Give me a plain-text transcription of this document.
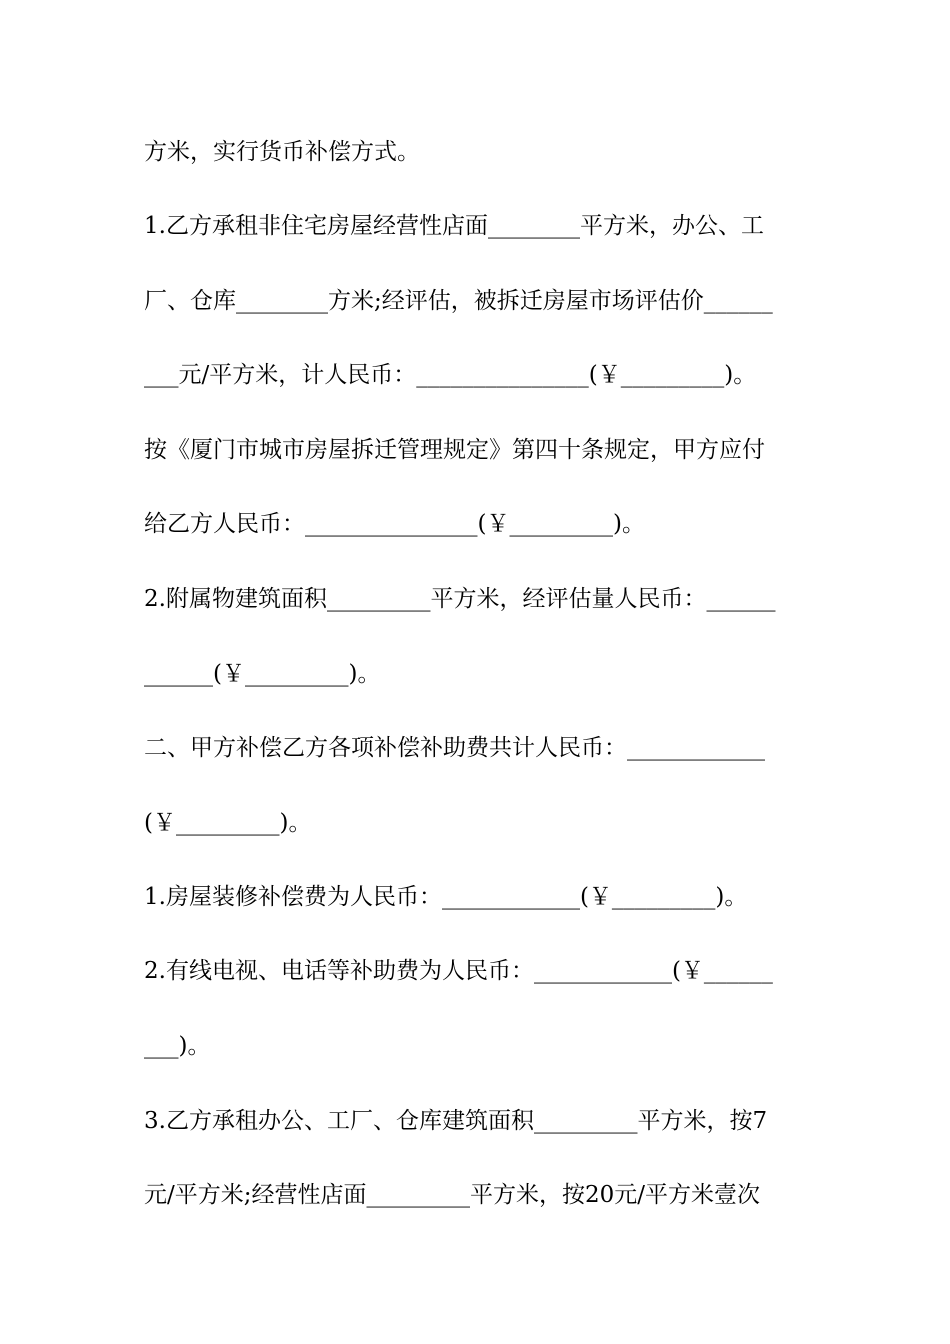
方米，实行货币补偿方式。
1.乙方承租非住宅房屋经营性店面________平方米，办公、工
厂、仓库________方米;经评估，被拆迁房屋市场评估价______
___元/平方米，计人民币：_______________(￥_________)。
按《厦门市城市房屋拆迁管理规定》第四十条规定，甲方应付
给乙方人民币：_______________(￥_________)。
2.附属物建筑面积_________平方米，经评估量人民币：______
______(￥_________)。
二、甲方补偿乙方各项补偿补助费共计人民币：____________
(￥_________)。
1.房屋装修补偿费为人民币：____________(￥_________)。
2.有线电视、电话等补助费为人民币：____________(￥______
___)。
3.乙方承租办公、工厂、仓库建筑面积_________平方米，按7
元/平方米;经营性店面_________平方米，按20元/平方米壹次
